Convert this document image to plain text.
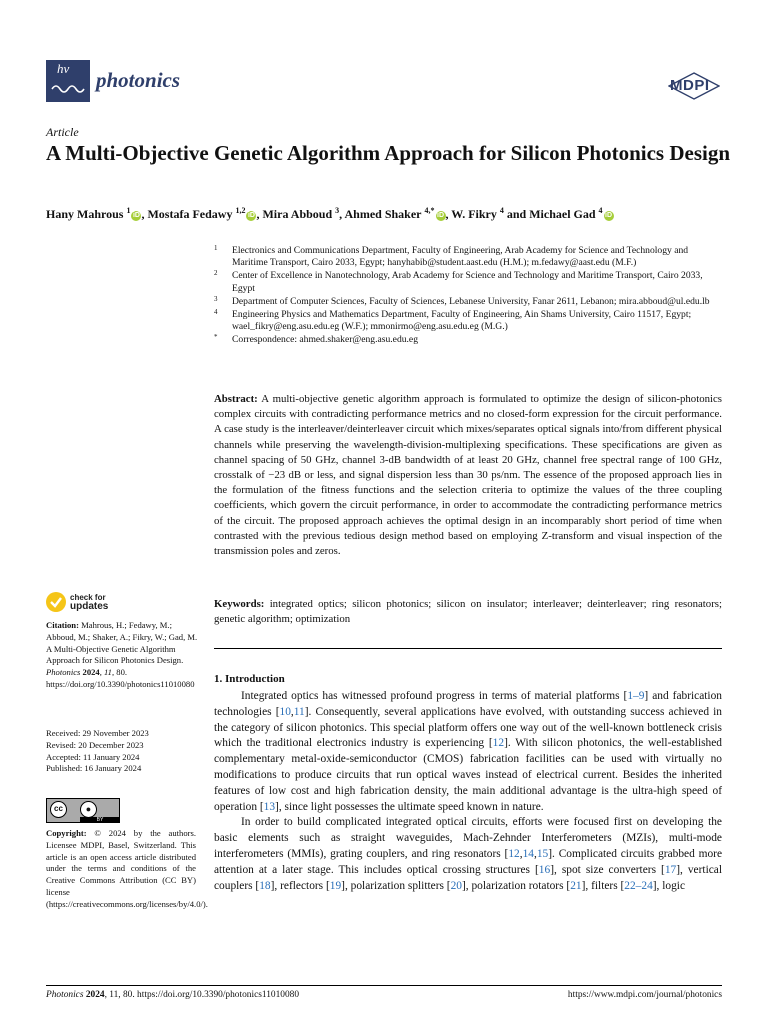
hv photonics	MDPI
Article
A Multi-Objective Genetic Algorithm Approach for Silicon Photonics Design
Hany Mahrous $^1$iD , Mostafa Fedawy $^{1,2}$iD , Mira Abboud $^3$, Ahmed Shaker $^{4,*}$iD , W. Fikry $^4$ and Michael Gad $^4$iD
1 Electronics and Communications Department, Faculty of Engineering, Arab Academy for Science and Technology and Maritime Transport, Cairo 2033, Egypt; hanyhabib@student.aast.edu (H.M.); m.fedawy@aast.edu (M.F.)
2 Center of Excellence in Nanotechnology, Arab Academy for Science and Technology and Maritime Transport, Cairo 2033, Egypt
3 Department of Computer Sciences, Faculty of Sciences, Lebanese University, Fanar 2611, Lebanon; mira.abboud@ul.edu.lb
4 Engineering Physics and Mathematics Department, Faculty of Engineering, Ain Shams University, Cairo 11517, Egypt; wael_fikry@eng.asu.edu.eg (W.F.); mmonirmo@eng.asu.edu.eg (M.G.)
* Correspondence: ahmed.shaker@eng.asu.edu.eg

Abstract: A multi-objective genetic algorithm approach is formulated to optimize the design of silicon-photonics complex circuits with contradicting performance metrics and no closed-form expression for the circuit performance. A case study is the interleaver/deinterleaver circuit which mixes/separates optical signals into/from different physical channels while preserving the wavelength-division-multiplexing specifications. These specifications are given as channel spacing of 50 GHz, channel 3-dB bandwidth of at least 20 GHz, channel free spectral range of 100 GHz, crosstalk of −23 dB or less, and signal dispersion less than 30 ps/nm. The essence of the proposed approach lies in the formulation of the fitness functions and the selection criteria to optimize the values of the three coupling coefficients, which govern the circuit performance, in order to accommodate the contradicting performance metrics of the circuit. The proposed approach achieves the optimal design in an incomparably short period of time when contrasted with the previous tedious design method based on employing Z-transform and visual inspection of the transmission poles and zeros.

Keywords: integrated optics; silicon photonics; silicon on insulator; interleaver; deinterleaver; ring resonators; genetic algorithm; optimization

1. Introduction

Integrated optics has witnessed profound progress in terms of material platforms [1–9] and fabrication technologies [10,11]. Consequently, several applications have evolved, with outstanding success achieved in the category of silicon photonics. This special platform offers one way out of the well-known bottleneck crisis which the traditional electronics industry is experiencing [12]. With silicon photonics, the well-established complementary metal-oxide-semiconductor (CMOS) fabrication facilities can be used with virtually no modifications to produce circuits that run optical waves instead of electrical current. Besides the inherited features of low cost and high fabrication density, the main additional advantage is the ultra-high speed of operation [13], since light possesses the ultimate speed known in nature.

In order to build complicated integrated optical circuits, efforts were focused first on developing the basic elements such as straight waveguides, Mach-Zehnder Interferometers (MZIs), multi-mode interferometers (MMIs), grating couplers, and ring resonators [12,14,15]. Complicated circuits grabbed more attention at a later stage. This includes optical crossing structures [16], spot size converters [17], vertical couplers [18], reflectors [19], polarization splitters [20], polarization rotators [21], filters [22–24], logic

check for
updates
Citation: Mahrous, H.; Fedawy, M.; Abboud, M.; Shaker, A.; Fikry, W.; Gad, M. A Multi-Objective Genetic Algorithm Approach for Silicon Photonics Design. Photonics 2024, 11, 80. https://doi.org/10.3390/photonics11010080
Received: 29 November 2023
Revised: 20 December 2023
Accepted: 11 January 2024
Published: 16 January 2024
cc	●
BY
Copyright: © 2024 by the authors. Licensee MDPI, Basel, Switzerland. This article is an open access article distributed under the terms and conditions of the Creative Commons Attribution (CC BY) license (https://creativecommons.org/licenses/by/4.0/).
Photonics 2024, 11, 80. https://doi.org/10.3390/photonics11010080	https://www.mdpi.com/journal/photonics
